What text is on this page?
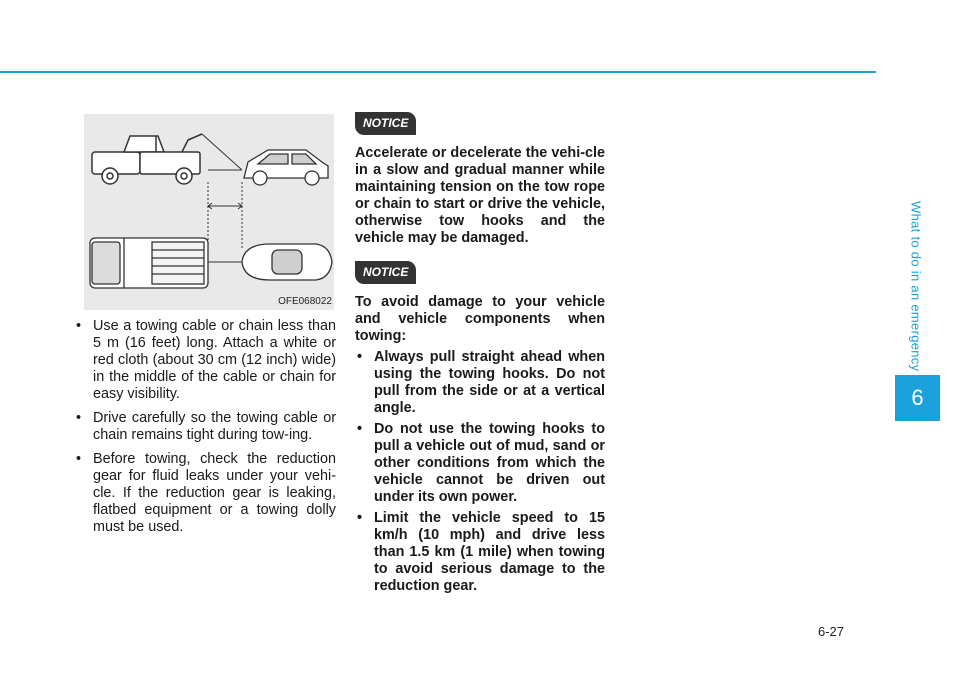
What to do in an emergency
6
OFE068022
• Use a towing cable or chain less than 5 m (16 feet) long. Attach a white or red cloth (about 30 cm (12 inch) wide) in the middle of the cable or chain for easy visibility.
• Drive carefully so the towing cable or chain remains tight during tow-ing.
• Before towing, check the reduction gear for fluid leaks under your vehi-cle. If the reduction gear is leaking, flatbed equipment or a towing dolly must be used.
NOTICE
Accelerate or decelerate the vehi-cle in a slow and gradual manner while maintaining tension on the tow rope or chain to start or drive the vehicle, otherwise tow hooks and the vehicle may be damaged.
NOTICE
To avoid damage to your vehicle and vehicle components when towing:
• Always pull straight ahead when using the towing hooks. Do not pull from the side or at a vertical angle.
• Do not use the towing hooks to pull a vehicle out of mud, sand or other conditions from which the vehicle cannot be driven out under its own power.
• Limit the vehicle speed to 15 km/h (10 mph) and drive less than 1.5 km (1 mile) when towing to avoid serious damage to the reduction gear.
6-27
